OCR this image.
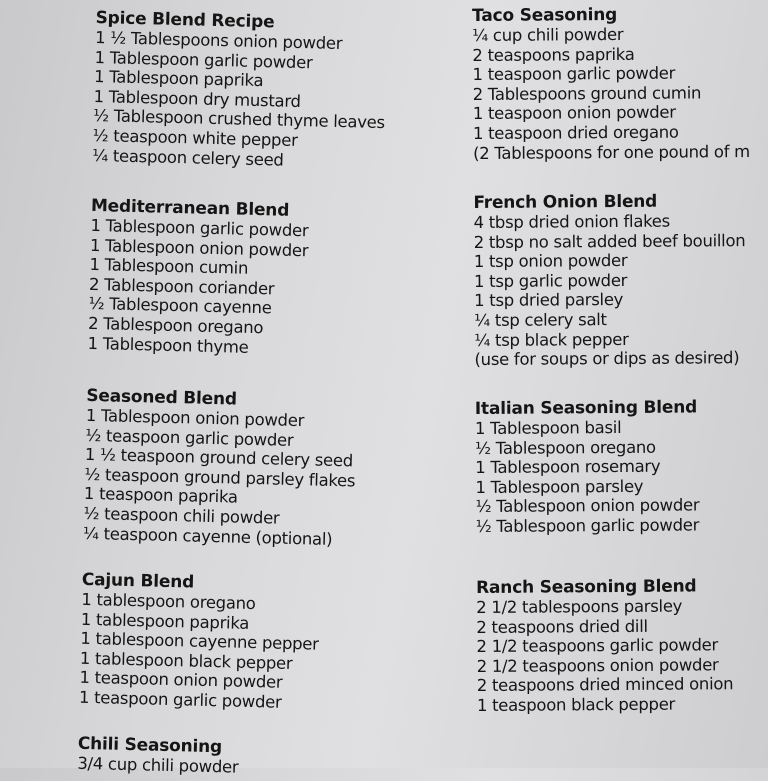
Spice Blend Recipe
1 ½ Tablespoons onion powder
1 Tablespoon garlic powder
1 Tablespoon paprika
1 Tablespoon dry mustard
½ Tablespoon crushed thyme leaves
½ teaspoon white pepper
¼ teaspoon celery seed
Mediterranean Blend
1 Tablespoon garlic powder
1 Tablespoon onion powder
1 Tablespoon cumin
2 Tablespoon coriander
½ Tablespoon cayenne
2 Tablespoon oregano
1 Tablespoon thyme
Seasoned Blend
1 Tablespoon onion powder
½ teaspoon garlic powder
1 ½ teaspoon ground celery seed
½ teaspoon ground parsley flakes
1 teaspoon paprika
½ teaspoon chili powder
¼ teaspoon cayenne (optional)
Cajun Blend
1 tablespoon oregano
1 tablespoon paprika
1 tablespoon cayenne pepper
1 tablespoon black pepper
1 teaspoon onion powder
1 teaspoon garlic powder
Chili Seasoning
3/4 cup chili powder
Taco Seasoning
¼ cup chili powder
2 teaspoons paprika
1 teaspoon garlic powder
2 Tablespoons ground cumin
1 teaspoon onion powder
1 teaspoon dried oregano
(2 Tablespoons for one pound of m
French Onion Blend
4 tbsp dried onion flakes
2 tbsp no salt added beef bouillon
1 tsp onion powder
1 tsp garlic powder
1 tsp dried parsley
¼ tsp celery salt
¼ tsp black pepper
(use for soups or dips as desired)
Italian Seasoning Blend
1 Tablespoon basil
½ Tablespoon oregano
1 Tablespoon rosemary
1 Tablespoon parsley
½ Tablespoon onion powder
½ Tablespoon garlic powder
Ranch Seasoning Blend
2 1/2 tablespoons parsley
2 teaspoons dried dill
2 1/2 teaspoons garlic powder
2 1/2 teaspoons onion powder
2 teaspoons dried minced onion
1 teaspoon black pepper
